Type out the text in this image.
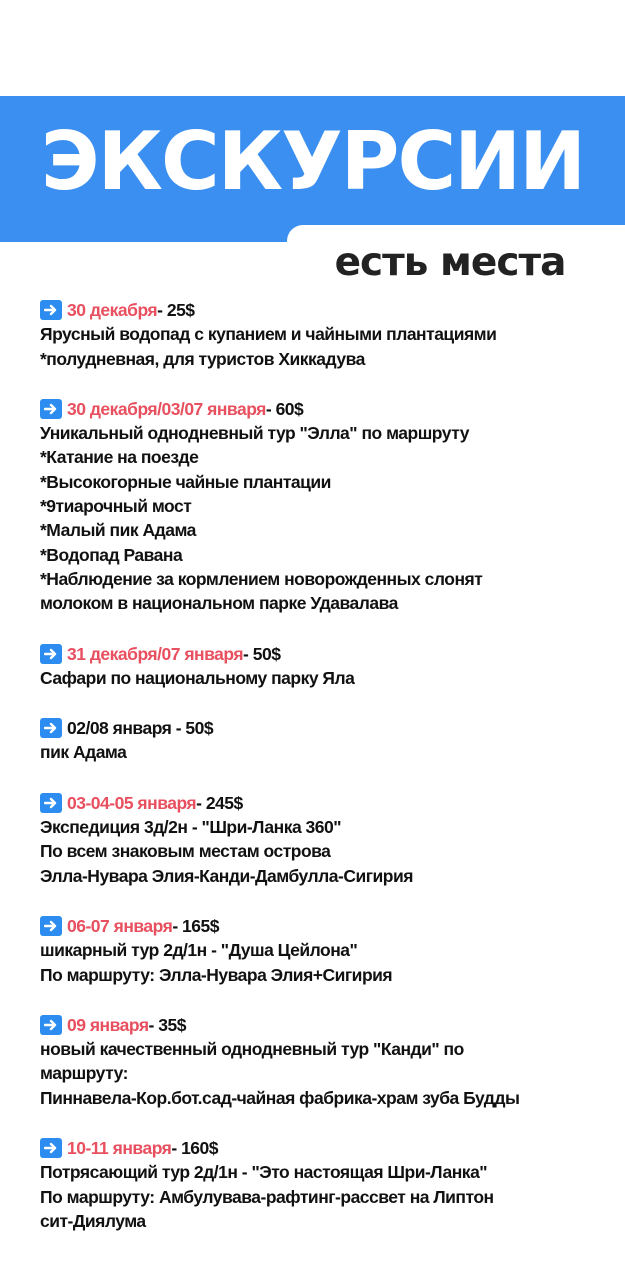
ЭКСКУРСИИ
есть места
30 декабря - 25$
Ярусный водопад с купанием и чайными плантациями
*полудневная, для туристов Хиккадува
30 декабря/03/07 января - 60$
Уникальный однодневный тур "Элла" по маршруту
*Катание на поезде
*Высокогорные чайные плантации
*9тиарочный мост
*Малый пик Адама
*Водопад Равана
*Наблюдение за кормлением новорожденных слонят
молоком в национальном парке Удавалава
31 декабря/07 января - 50$
Сафари по национальному парку Яла
02/08 января - 50$
пик Адама
03-04-05 января - 245$
Экспедиция 3д/2н - "Шри-Ланка 360"
По всем знаковым местам острова
Элла-Нувара Элия-Канди-Дамбулла-Сигирия
06-07 января - 165$
шикарный тур 2д/1н - "Душа Цейлона"
По маршруту: Элла-Нувара Элия+Сигирия
09 января - 35$
новый качественный однодневный тур "Канди" по
маршруту:
Пиннавела-Кор.бот.сад-чайная фабрика-храм зуба Будды
10-11 января - 160$
Потрясающий тур 2д/1н - "Это настоящая Шри-Ланка"
По маршруту: Амбулувава-рафтинг-рассвет на Липтон
сит-Диялума
